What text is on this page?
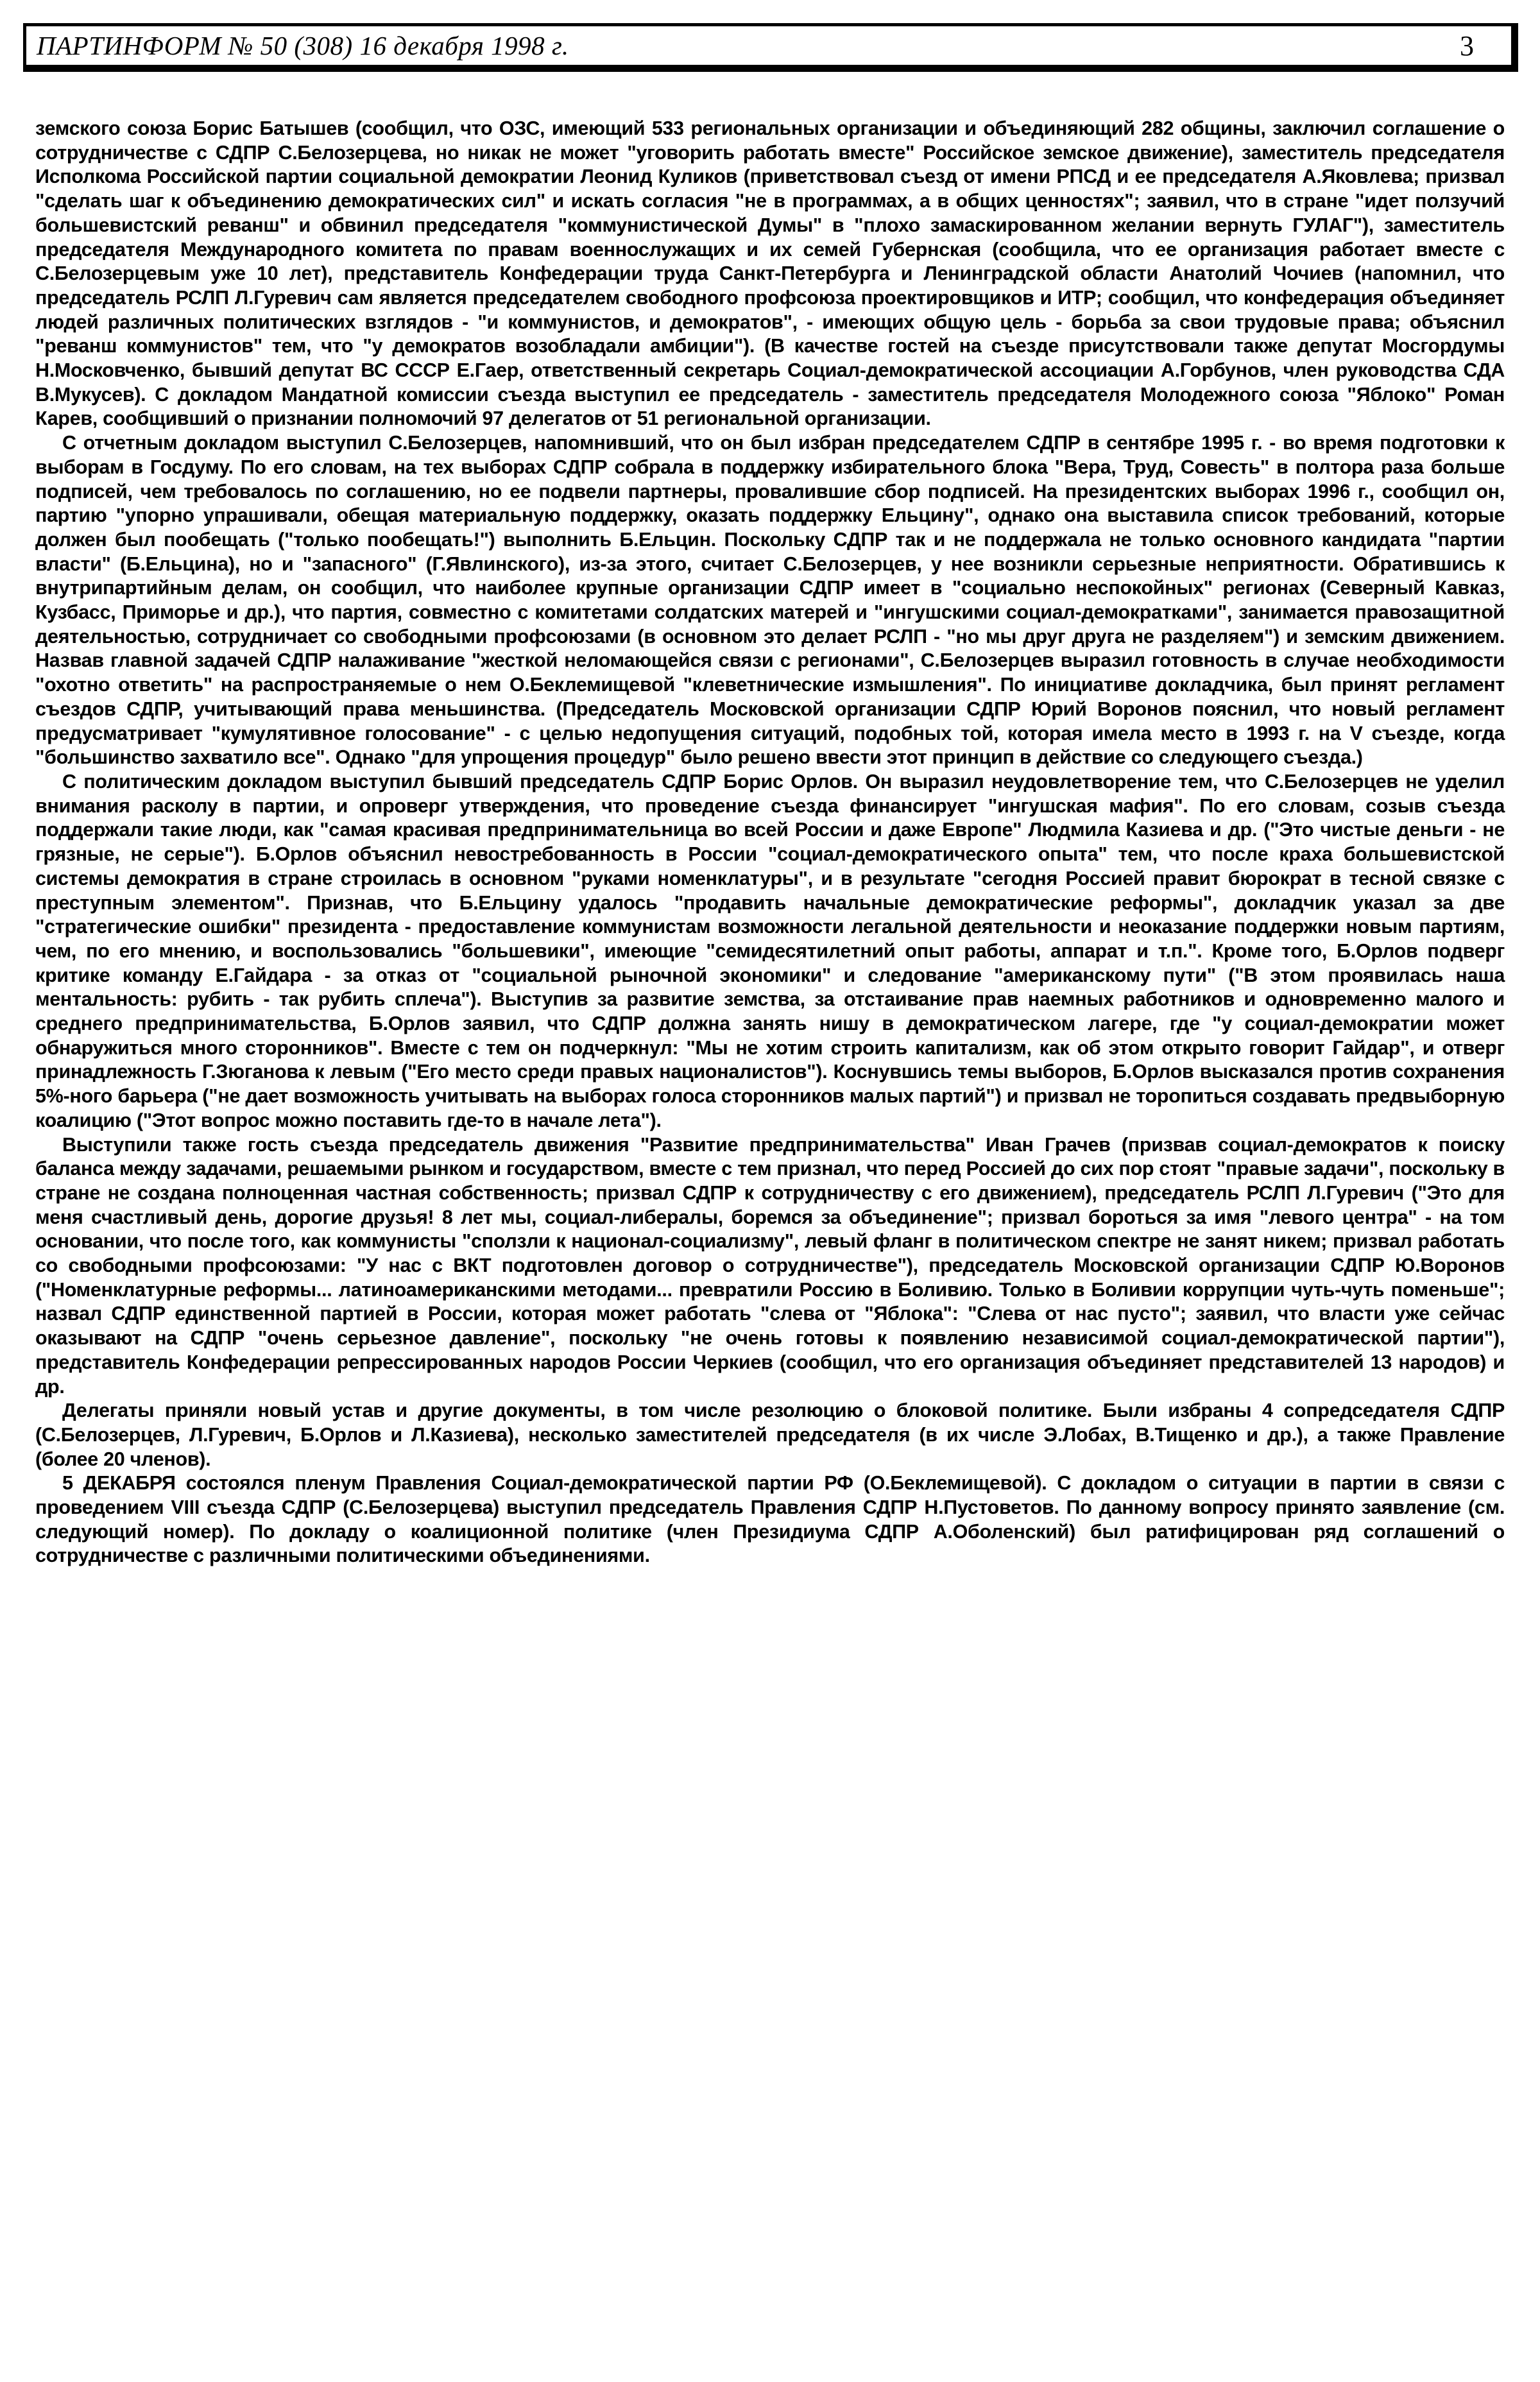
ПАРТИНФОРМ № 50 (308) 16 декабря 1998 г.	3

земского союза Борис Батышев (сообщил, что ОЗС, имеющий 533 региональных организации и объединяющий 282 общины, заключил соглашение о сотрудничестве с СДПР С.Белозерцева, но никак не может "уговорить работать вместе" Российское земское движение), заместитель председателя Исполкома Российской партии социальной демократии Леонид Куликов (приветствовал съезд от имени РПСД и ее председателя А.Яковлева; призвал "сделать шаг к объединению демократических сил" и искать согласия "не в программах, а в общих ценностях"; заявил, что в стране "идет ползучий большевистский реванш" и обвинил председателя "коммунистической Думы" в "плохо замаскированном желании вернуть ГУЛАГ"), заместитель председателя Международного комитета по правам военнослужащих и их семей Губернская (сообщила, что ее организация работает вместе с С.Белозерцевым уже 10 лет), представитель Конфедерации труда Санкт-Петербурга и Ленинградской области Анатолий Чочиев (напомнил, что председатель РСЛП Л.Гуревич сам является председателем свободного профсоюза проектировщиков и ИТР; сообщил, что конфедерация объединяет людей различных политических взглядов - "и коммунистов, и демократов", - имеющих общую цель - борьба за свои трудовые права; объяснил "реванш коммунистов" тем, что "у демократов возобладали амбиции"). (В качестве гостей на съезде присутствовали также депутат Мосгордумы Н.Московченко, бывший депутат ВС СССР Е.Гаер, ответственный секретарь Социал-демократической ассоциации А.Горбунов, член руководства СДА В.Мукусев). С докладом Мандатной комиссии съезда выступил ее председатель - заместитель председателя Молодежного союза "Яблоко" Роман Карев, сообщивший о признании полномочий 97 делегатов от 51 региональной организации.

С отчетным докладом выступил С.Белозерцев, напомнивший, что он был избран председателем СДПР в сентябре 1995 г. - во время подготовки к выборам в Госдуму. По его словам, на тех выборах СДПР собрала в поддержку избирательного блока "Вера, Труд, Совесть" в полтора раза больше подписей, чем требовалось по соглашению, но ее подвели партнеры, провалившие сбор подписей. На президентских выборах 1996 г., сообщил он, партию "упорно упрашивали, обещая материальную поддержку, оказать поддержку Ельцину", однако она выставила список требований, которые должен был пообещать ("только пообещать!") выполнить Б.Ельцин. Поскольку СДПР так и не поддержала не только основного кандидата "партии власти" (Б.Ельцина), но и "запасного" (Г.Явлинского), из-за этого, считает С.Белозерцев, у нее возникли серьезные неприятности. Обратившись к внутрипартийным делам, он сообщил, что наиболее крупные организации СДПР имеет в "социально неспокойных" регионах (Северный Кавказ, Кузбасс, Приморье и др.), что партия, совместно с комитетами солдатских матерей и "ингушскими социал-демократками", занимается правозащитной деятельностью, сотрудничает со свободными профсоюзами (в основном это делает РСЛП - "но мы друг друга не разделяем") и земским движением. Назвав главной задачей СДПР налаживание "жесткой неломающейся связи с регионами", С.Белозерцев выразил готовность в случае необходимости "охотно ответить" на распространяемые о нем О.Беклемищевой "клеветнические измышления". По инициативе докладчика, был принят регламент съездов СДПР, учитывающий права меньшинства. (Председатель Московской организации СДПР Юрий Воронов пояснил, что новый регламент предусматривает "кумулятивное голосование" - с целью недопущения ситуаций, подобных той, которая имела место в 1993 г. на V съезде, когда "большинство захватило все". Однако "для упрощения процедур" было решено ввести этот принцип в действие со следующего съезда.)

С политическим докладом выступил бывший председатель СДПР Борис Орлов. Он выразил неудовлетворение тем, что С.Белозерцев не уделил внимания расколу в партии, и опроверг утверждения, что проведение съезда финансирует "ингушская мафия". По его словам, созыв съезда поддержали такие люди, как "самая красивая предпринимательница во всей России и даже Европе" Людмила Казиева и др. ("Это чистые деньги - не грязные, не серые"). Б.Орлов объяснил невостребованность в России "социал-демократического опыта" тем, что после краха большевистской системы демократия в стране строилась в основном "руками номенклатуры", и в результате "сегодня Россией правит бюрократ в тесной связке с преступным элементом". Признав, что Б.Ельцину удалось "продавить начальные демократические реформы", докладчик указал за две "стратегические ошибки" президента - предоставление коммунистам возможности легальной деятельности и неоказание поддержки новым партиям, чем, по его мнению, и воспользовались "большевики", имеющие "семидесятилетний опыт работы, аппарат и т.п.". Кроме того, Б.Орлов подверг критике команду Е.Гайдара - за отказ от "социальной рыночной экономики" и следование "американскому пути" ("В этом проявилась наша ментальность: рубить - так рубить сплеча"). Выступив за развитие земства, за отстаивание прав наемных работников и одновременно малого и среднего предпринимательства, Б.Орлов заявил, что СДПР должна занять нишу в демократическом лагере, где "у социал-демократии может обнаружиться много сторонников". Вместе с тем он подчеркнул: "Мы не хотим строить капитализм, как об этом открыто говорит Гайдар", и отверг принадлежность Г.Зюганова к левым ("Его место среди правых националистов"). Коснувшись темы выборов, Б.Орлов высказался против сохранения 5%-ного барьера ("не дает возможность учитывать на выборах голоса сторонников малых партий") и призвал не торопиться создавать предвыборную коалицию ("Этот вопрос можно поставить где-то в начале лета").

Выступили также гость съезда председатель движения "Развитие предпринимательства" Иван Грачев (призвав социал-демократов к поиску баланса между задачами, решаемыми рынком и государством, вместе с тем признал, что перед Россией до сих пор стоят "правые задачи", поскольку в стране не создана полноценная частная собственность; призвал СДПР к сотрудничеству с его движением), председатель РСЛП Л.Гуревич ("Это для меня счастливый день, дорогие друзья! 8 лет мы, социал-либералы, боремся за объединение"; призвал бороться за имя "левого центра" - на том основании, что после того, как коммунисты "сползли к национал-социализму", левый фланг в политическом спектре не занят никем; призвал работать со свободными профсоюзами: "У нас с ВКТ подготовлен договор о сотрудничестве"), председатель Московской организации СДПР Ю.Воронов ("Номенклатурные реформы... латиноамериканскими методами... превратили Россию в Боливию. Только в Боливии коррупции чуть-чуть поменьше"; назвал СДПР единственной партией в России, которая может работать "слева от "Яблока": "Слева от нас пусто"; заявил, что власти уже сейчас оказывают на СДПР "очень серьезное давление", поскольку "не очень готовы к появлению независимой социал-демократической партии"), представитель Конфедерации репрессированных народов России Черкиев (сообщил, что его организация объединяет представителей 13 народов) и др.

Делегаты приняли новый устав и другие документы, в том числе резолюцию о блоковой политике. Были избраны 4 сопредседателя СДПР (С.Белозерцев, Л.Гуревич, Б.Орлов и Л.Казиева), несколько заместителей председателя (в их числе Э.Лобах, В.Тищенко и др.), а также Правление (более 20 членов).

5 ДЕКАБРЯ состоялся пленум Правления Социал-демократической партии РФ (О.Беклемищевой). С докладом о ситуации в партии в связи с проведением VIII съезда СДПР (С.Белозерцева) выступил председатель Правления СДПР Н.Пустоветов. По данному вопросу принято заявление (см. следующий номер). По докладу о коалиционной политике (член Президиума СДПР А.Оболенский) был ратифицирован ряд соглашений о сотрудничестве с различными политическими объединениями.
